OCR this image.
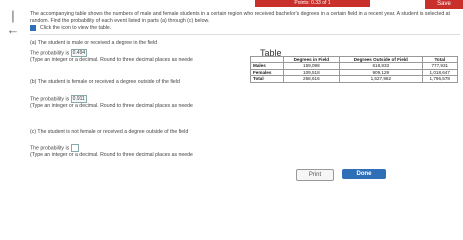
Points: 0.33 of 1	Save
|←
The accompanying table shows the numbers of male and female students in a certain region who received bachelor's degrees in a certain field in a recent year. A student is selected at random. Find the probability of each event listed in parts (a) through (c) below.
Click the icon to view the table.
(a) The student is male or received a degree in the field
The probability is 0.494
(Type an integer or a decimal. Round to three decimal places as neede
(b) The student is female or received a degree outside of the field
The probability is 0.911
(Type an integer or a decimal. Round to three decimal places as neede
(c) The student is not female or received a degree outside of the field
The probability is
(Type an integer or a decimal. Round to three decimal places as neede
Table
	Degrees in Field	Degrees Outside of Field	Total
Males	159,098	618,833	777,931
Females	109,518	909,129	1,018,647
Total	268,616	1,527,962	1,796,578
Print	Done
